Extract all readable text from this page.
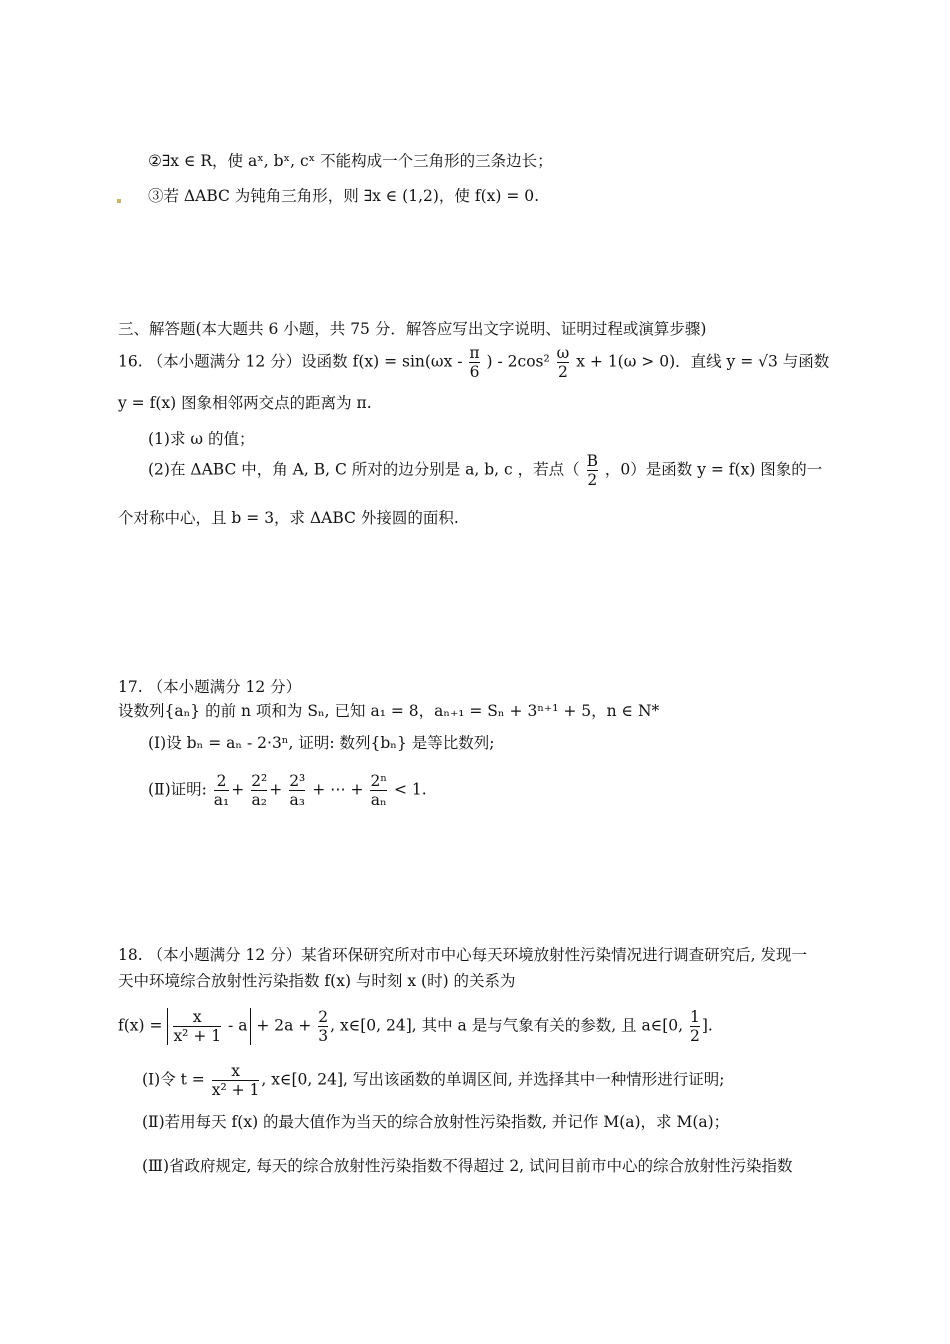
②∃x ∈ R，使 aˣ, bˣ, cˣ 不能构成一个三角形的三条边长；
③若 ΔABC 为钝角三角形，则 ∃x ∈ (1,2)，使 f(x) = 0.
三、解答题(本大题共 6 小题，共 75 分．解答应写出文字说明、证明过程或演算步骤)
16. （本小题满分 12 分）设函数 $f(x) = \sin(\omega x - \frac{\pi}{6}$ ) - $2\cos^2 \frac{\omega}{2}$ x + 1(ω > 0)．直线 y = √3 与函数
y = f(x) 图象相邻两交点的距离为 π.
(1)求 ω 的值；
(2)在 ΔABC 中，角 A, B, C 所对的边分别是 a, b, c ，若点（ $\frac{B}{2}$ ，0）是函数 y = f(x) 图象的一
个对称中心，且 b = 3，求 ΔABC 外接圆的面积.
17. （本小题满分 12 分）
设数列{aₙ} 的前 n 项和为 Sₙ, 已知 a₁ = 8，aₙ₊₁ = Sₙ + 3ⁿ⁺¹ + 5，n ∈ N*
(Ⅰ)设 bₙ = aₙ - 2·3ⁿ, 证明: 数列{bₙ} 是等比数列;
(Ⅱ)证明: $\frac{2}{\text{a₁}} + \frac{\text{2²}}{\text{a₂}} + \frac{\text{2³}}{\text{a₃}}$ + ⋯ + $\frac{\text{2ⁿ}}{\text{aₙ}} < 1$.
18. （本小题满分 12 分）某省环保研究所对市中心每天环境放射性污染情况进行调查研究后, 发现一
天中环境综合放射性污染指数 f(x) 与时刻 x (时) 的关系为
$f(x) = \frac{x}{\text{x² + 1}} - a + 2a + \frac{2}{3}$ , x∈[0, 24], 其中 a 是与气象有关的参数, 且 a∈[0, $\frac{1}{2}$ ].
(Ⅰ)令 $t = \frac{x}{\text{x² + 1}}$ , x∈[0, 24], 写出该函数的单调区间, 并选择其中一种情形进行证明;
(Ⅱ)若用每天 f(x) 的最大值作为当天的综合放射性污染指数, 并记作 M(a)，求 M(a)；
(Ⅲ)省政府规定, 每天的综合放射性污染指数不得超过 2, 试问目前市中心的综合放射性污染指数
